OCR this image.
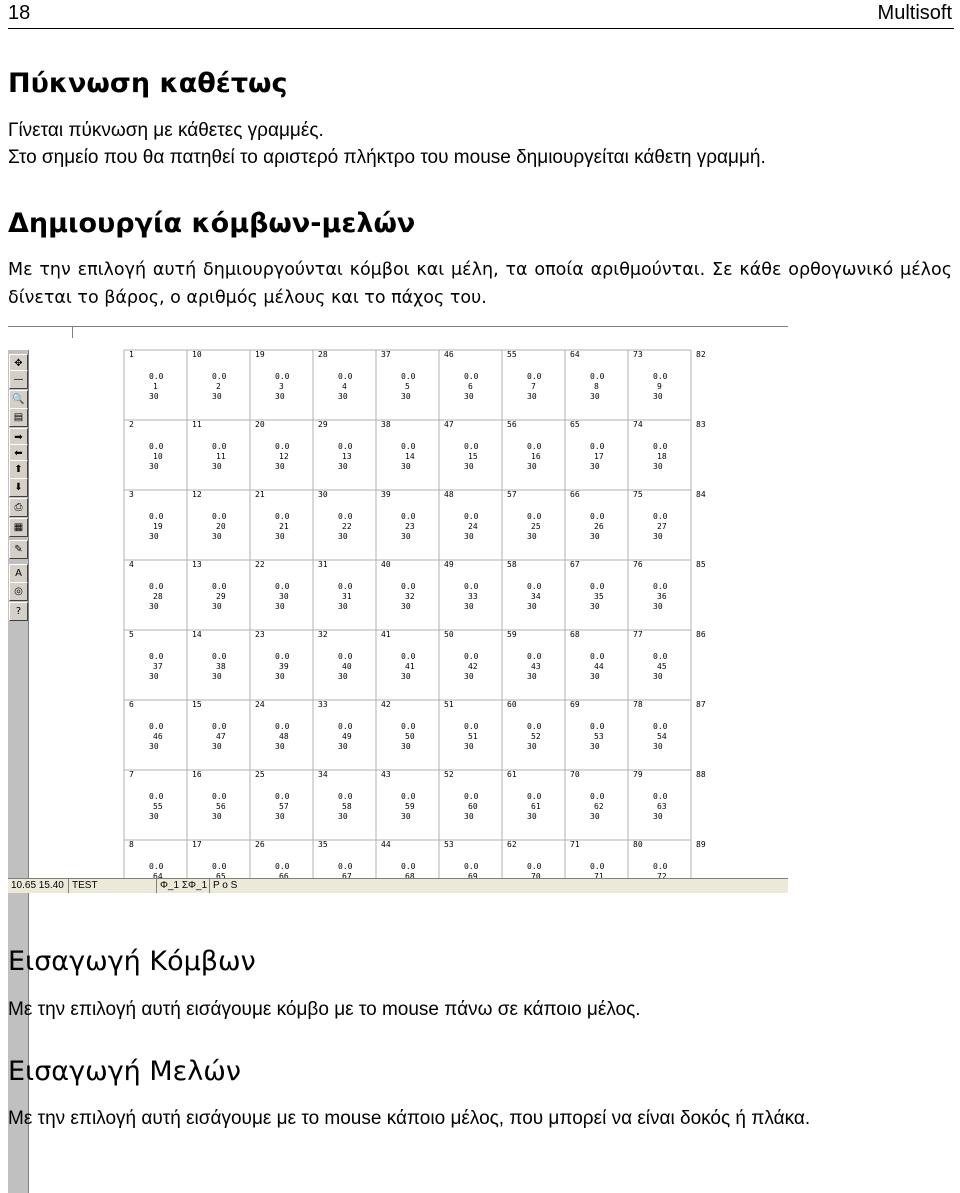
18	Multisoft
Πύκνωση καθέτως

Γίνεται πύκνωση με κάθετες γραμμές.

Στο σημείο που θα πατηθεί το αριστερό πλήκτρο του mouse δημιουργείται κάθετη γραμμή.

Δημιουργία κόμβων-μελών

Με την επιλογή αυτή δημιουργούνται κόμβοι και μέλη, τα οποία αριθμούνται. Σε κάθε ορθογωνικό μέλος δίνεται το βάρος, ο αριθμός μέλους και το πάχος του.

✥
—
🔍
▤
➡
⬅
⬆
⬇
⎙
▦
✎
A
◎
?
1
2
3
4
5
6
7
8
10
11
12
13
14
15
16
17
19
20
21
22
23
24
25
26
28
29
30
31
32
33
34
35
37
38
39
40
41
42
43
44
46
47
48
49
50
51
52
53
55
56
57
58
59
60
61
62
64
65
66
67
68
69
70
71
73
74
75
76
77
78
79
80
82
83
84
85
86
87
88
89
0.0
1
30
0.0
2
30
0.0
3
30
0.0
4
30
0.0
5
30
0.0
6
30
0.0
7
30
0.0
8
30
0.0
9
30
0.0
10
30
0.0
11
30
0.0
12
30
0.0
13
30
0.0
14
30
0.0
15
30
0.0
16
30
0.0
17
30
0.0
18
30
0.0
19
30
0.0
20
30
0.0
21
30
0.0
22
30
0.0
23
30
0.0
24
30
0.0
25
30
0.0
26
30
0.0
27
30
0.0
28
30
0.0
29
30
0.0
30
30
0.0
31
30
0.0
32
30
0.0
33
30
0.0
34
30
0.0
35
30
0.0
36
30
0.0
37
30
0.0
38
30
0.0
39
30
0.0
40
30
0.0
41
30
0.0
42
30
0.0
43
30
0.0
44
30
0.0
45
30
0.0
46
30
0.0
47
30
0.0
48
30
0.0
49
30
0.0
50
30
0.0
51
30
0.0
52
30
0.0
53
30
0.0
54
30
0.0
55
30
0.0
56
30
0.0
57
30
0.0
58
30
0.0
59
30
0.0
60
30
0.0
61
30
0.0
62
30
0.0
63
30
0.0
64
0.0
65
0.0
66
0.0
67
0.0
68
0.0
69
0.0
70
0.0
71
0.0
72
10.65 15.40 TEST	Φ_1 ΣΦ_1 P o S
Εισαγωγή Κόμβων

Με την επιλογή αυτή εισάγουμε κόμβο με το mouse πάνω σε κάποιο μέλος.

Εισαγωγή Μελών

Με την επιλογή αυτή εισάγουμε με το mouse κάποιο μέλος, που μπορεί να είναι δοκός ή πλάκα.
